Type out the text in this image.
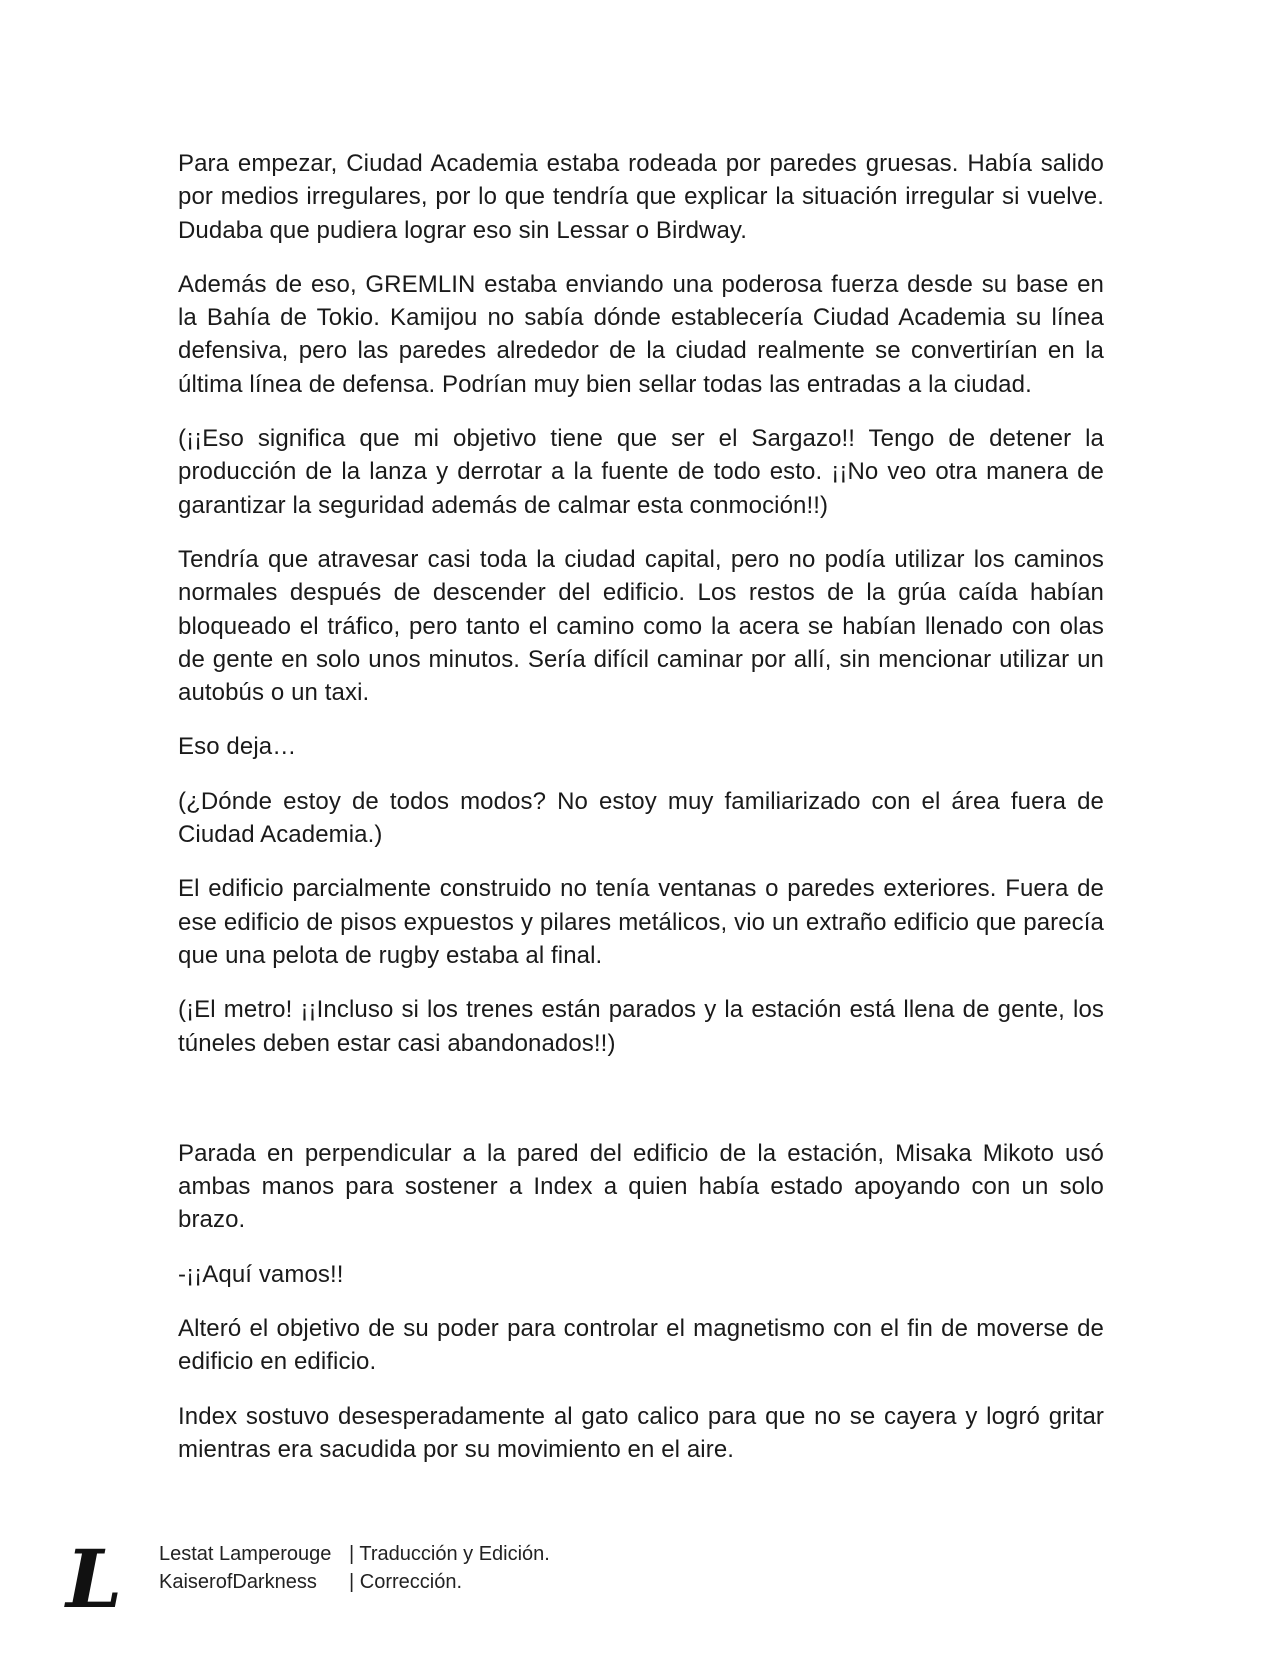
Para empezar, Ciudad Academia estaba rodeada por paredes gruesas. Había salido por medios irregulares, por lo que tendría que explicar la situación irregular si vuelve. Dudaba que pudiera lograr eso sin Lessar o Birdway.

Además de eso, GREMLIN estaba enviando una poderosa fuerza desde su base en la Bahía de Tokio. Kamijou no sabía dónde establecería Ciudad Academia su línea defensiva, pero las paredes alrededor de la ciudad realmente se convertirían en la última línea de defensa. Podrían muy bien sellar todas las entradas a la ciudad.

(¡¡Eso significa que mi objetivo tiene que ser el Sargazo!! Tengo de detener la producción de la lanza y derrotar a la fuente de todo esto. ¡¡No veo otra manera de garantizar la seguridad además de calmar esta conmoción!!)

Tendría que atravesar casi toda la ciudad capital, pero no podía utilizar los caminos normales después de descender del edificio. Los restos de la grúa caída habían bloqueado el tráfico, pero tanto el camino como la acera se habían llenado con olas de gente en solo unos minutos. Sería difícil caminar por allí, sin mencionar utilizar un autobús o un taxi.

Eso deja…

(¿Dónde estoy de todos modos? No estoy muy familiarizado con el área fuera de Ciudad Academia.)

El edificio parcialmente construido no tenía ventanas o paredes exteriores. Fuera de ese edificio de pisos expuestos y pilares metálicos, vio un extraño edificio que parecía que una pelota de rugby estaba al final.

(¡El metro! ¡¡Incluso si los trenes están parados y la estación está llena de gente, los túneles deben estar casi abandonados!!)

Parada en perpendicular a la pared del edificio de la estación, Misaka Mikoto usó ambas manos para sostener a Index a quien había estado apoyando con un solo brazo.

-¡¡Aquí vamos!!

Alteró el objetivo de su poder para controlar el magnetismo con el fin de moverse de edificio en edificio.

Index sostuvo desesperadamente al gato calico para que no se cayera y logró gritar mientras era sacudida por su movimiento en el aire.

L Lestat Lamperouge | Traducción y Edición.
KaiserofDarkness | Corrección.
